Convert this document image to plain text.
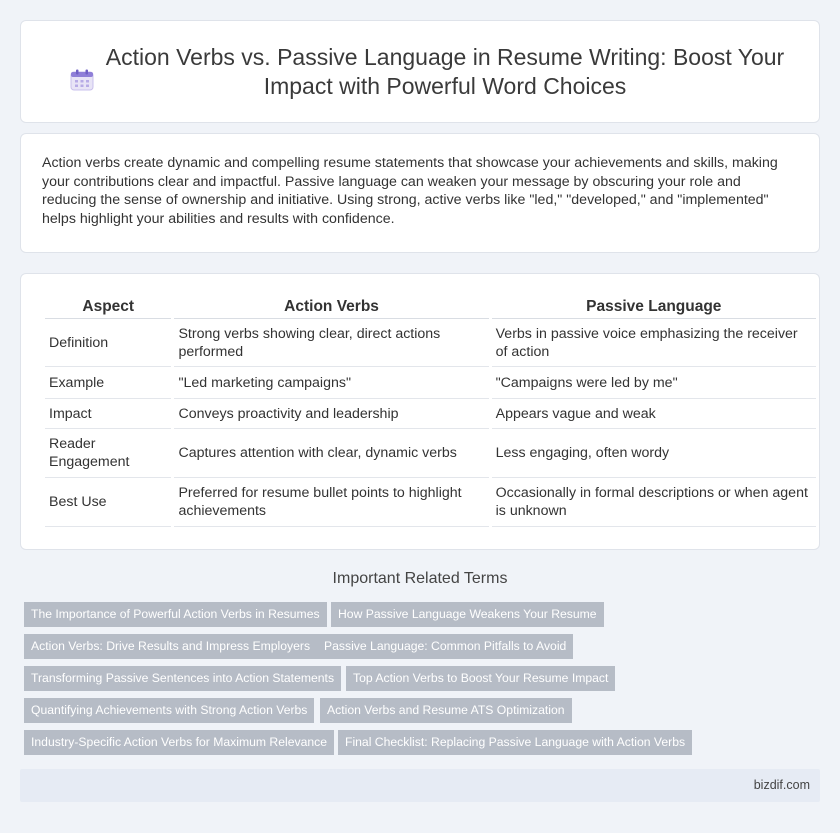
Action Verbs vs. Passive Language in Resume Writing: Boost Your Impact with Powerful Word Choices

Action verbs create dynamic and compelling resume statements that showcase your achievements and skills, making your contributions clear and impactful. Passive language can weaken your message by obscuring your role and reducing the sense of ownership and initiative. Using strong, active verbs like "led," "developed," and "implemented" helps highlight your abilities and results with confidence.

Aspect	Action Verbs	Passive Language
Definition	Strong verbs showing clear, direct actions performed	Verbs in passive voice emphasizing the receiver of action
Example	"Led marketing campaigns"	"Campaigns were led by me"
Impact	Conveys proactivity and leadership	Appears vague and weak
Reader Engagement	Captures attention with clear, dynamic verbs	Less engaging, often wordy
Best Use	Preferred for resume bullet points to highlight achievements	Occasionally in formal descriptions or when agent is unknown
Important Related Terms
The Importance of Powerful Action Verbs in Resumes	How Passive Language Weakens Your Resume
Action Verbs: Drive Results and Impress Employers	Passive Language: Common Pitfalls to Avoid
Transforming Passive Sentences into Action Statements	Top Action Verbs to Boost Your Resume Impact
Quantifying Achievements with Strong Action Verbs	Action Verbs and Resume ATS Optimization
Industry-Specific Action Verbs for Maximum Relevance	Final Checklist: Replacing Passive Language with Action Verbs
bizdif.com
